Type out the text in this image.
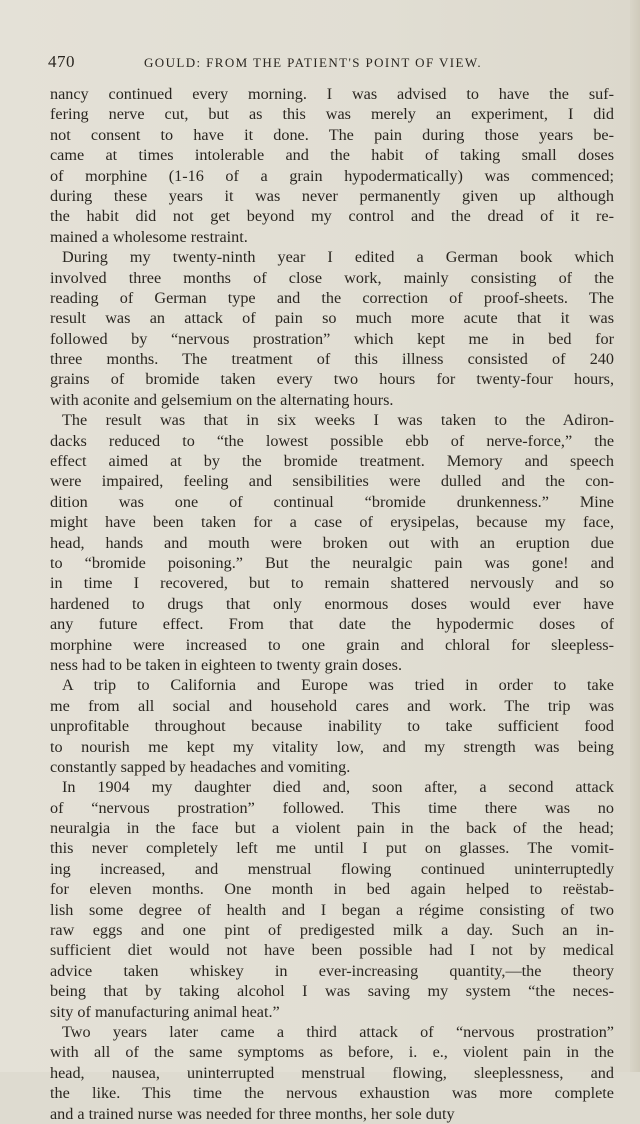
470	GOULD: FROM THE PATIENT'S POINT OF VIEW.
nancy continued every morning. I was advised to have the suf-
fering nerve cut, but as this was merely an experiment, I did
not consent to have it done. The pain during those years be-
came at times intolerable and the habit of taking small doses
of morphine (1-16 of a grain hypodermatically) was commenced;
during these years it was never permanently given up although
the habit did not get beyond my control and the dread of it re-
mained a wholesome restraint.
During my twenty-ninth year I edited a German book which
involved three months of close work, mainly consisting of the
reading of German type and the correction of proof-sheets. The
result was an attack of pain so much more acute that it was
followed by “nervous prostration” which kept me in bed for
three months. The treatment of this illness consisted of 240
grains of bromide taken every two hours for twenty-four hours,
with aconite and gelsemium on the alternating hours.
The result was that in six weeks I was taken to the Adiron-
dacks reduced to “the lowest possible ebb of nerve-force,” the
effect aimed at by the bromide treatment. Memory and speech
were impaired, feeling and sensibilities were dulled and the con-
dition was one of continual “bromide drunkenness.” Mine
might have been taken for a case of erysipelas, because my face,
head, hands and mouth were broken out with an eruption due
to “bromide poisoning.” But the neuralgic pain was gone! and
in time I recovered, but to remain shattered nervously and so
hardened to drugs that only enormous doses would ever have
any future effect. From that date the hypodermic doses of
morphine were increased to one grain and chloral for sleepless-
ness had to be taken in eighteen to twenty grain doses.
A trip to California and Europe was tried in order to take
me from all social and household cares and work. The trip was
unprofitable throughout because inability to take sufficient food
to nourish me kept my vitality low, and my strength was being
constantly sapped by headaches and vomiting.
In 1904 my daughter died and, soon after, a second attack
of “nervous prostration” followed. This time there was no
neuralgia in the face but a violent pain in the back of the head;
this never completely left me until I put on glasses. The vomit-
ing increased, and menstrual flowing continued uninterruptedly
for eleven months. One month in bed again helped to reëstab-
lish some degree of health and I began a régime consisting of two
raw eggs and one pint of predigested milk a day. Such an in-
sufficient diet would not have been possible had I not by medical
advice taken whiskey in ever-increasing quantity,—the theory
being that by taking alcohol I was saving my system “the neces-
sity of manufacturing animal heat.”
Two years later came a third attack of “nervous prostration”
with all of the same symptoms as before, i. e., violent pain in the
head, nausea, uninterrupted menstrual flowing, sleeplessness, and
the like. This time the nervous exhaustion was more complete
and a trained nurse was needed for three months, her sole duty
